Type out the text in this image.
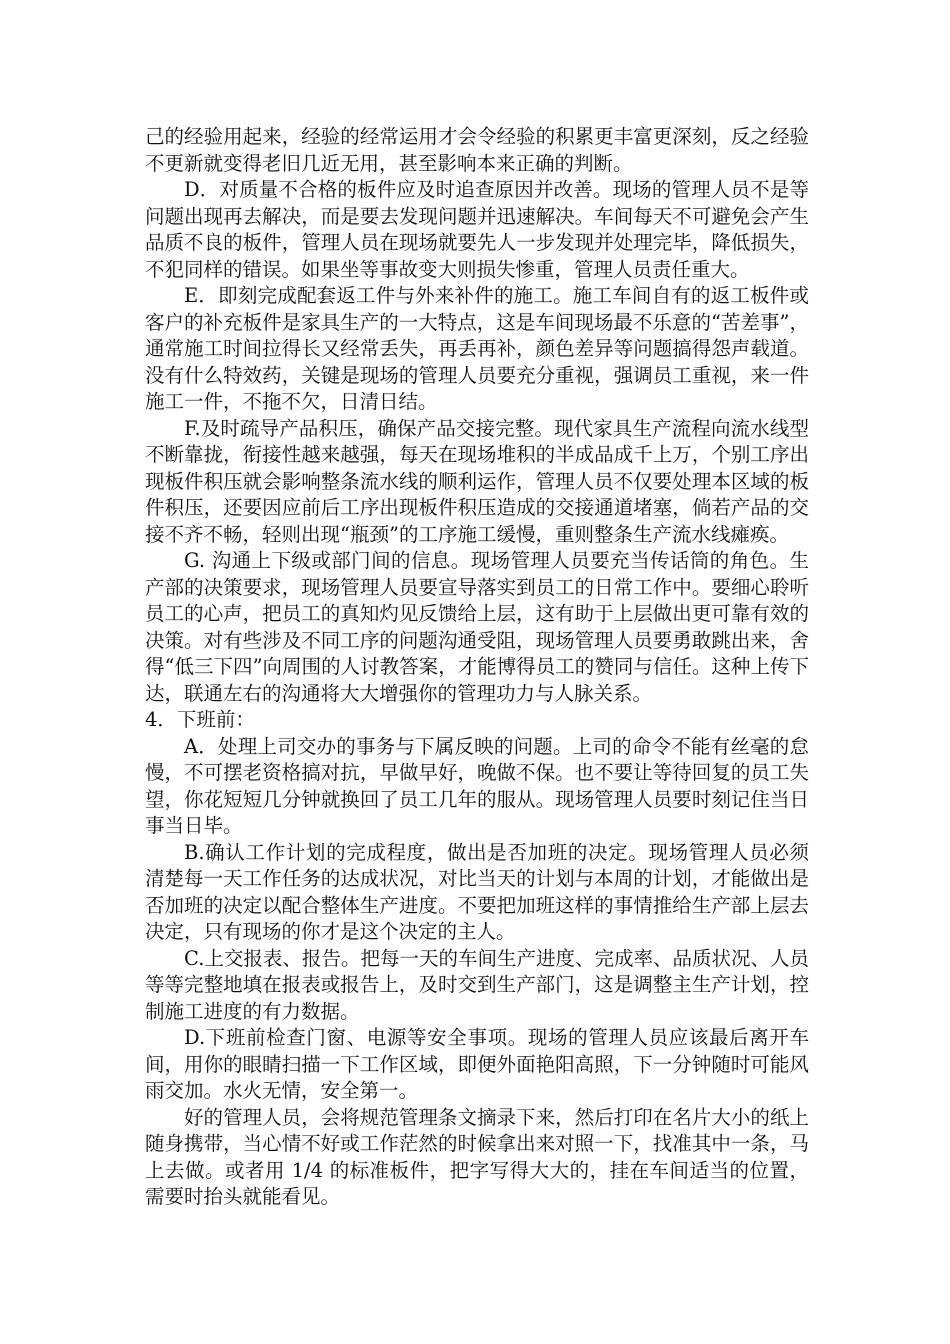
己的经验用起来，经验的经常运用才会令经验的积累更丰富更深刻，反之经验不更新就变得老旧几近无用，甚至影响本来正确的判断。

D．对质量不合格的板件应及时追查原因并改善。现场的管理人员不是等问题出现再去解决，而是要去发现问题并迅速解决。车间每天不可避免会产生品质不良的板件，管理人员在现场就要先人一步发现并处理完毕，降低损失，不犯同样的错误。如果坐等事故变大则损失惨重，管理人员责任重大。

E．即刻完成配套返工件与外来补件的施工。施工车间自有的返工板件或客户的补充板件是家具生产的一大特点，这是车间现场最不乐意的“苦差事”，通常施工时间拉得长又经常丢失，再丢再补，颜色差异等问题搞得怨声载道。没有什么特效药，关键是现场的管理人员要充分重视，强调员工重视，来一件施工一件，不拖不欠，日清日结。

F.及时疏导产品积压，确保产品交接完整。现代家具生产流程向流水线型不断靠拢，衔接性越来越强，每天在现场堆积的半成品成千上万，个别工序出现板件积压就会影响整条流水线的顺利运作，管理人员不仅要处理本区域的板件积压，还要因应前后工序出现板件积压造成的交接通道堵塞，倘若产品的交接不齐不畅，轻则出现“瓶颈”的工序施工缓慢，重则整条生产流水线瘫痪。

G. 沟通上下级或部门间的信息。现场管理人员要充当传话筒的角色。生产部的决策要求，现场管理人员要宣导落实到员工的日常工作中。要细心聆听员工的心声，把员工的真知灼见反馈给上层，这有助于上层做出更可靠有效的决策。对有些涉及不同工序的问题沟通受阻，现场管理人员要勇敢跳出来，舍得“低三下四”向周围的人讨教答案，才能博得员工的赞同与信任。这种上传下达，联通左右的沟通将大大增强你的管理功力与人脉关系。

4．下班前：

A．处理上司交办的事务与下属反映的问题。上司的命令不能有丝毫的怠慢，不可摆老资格搞对抗，早做早好，晚做不保。也不要让等待回复的员工失望，你花短短几分钟就换回了员工几年的服从。现场管理人员要时刻记住当日事当日毕。

B.确认工作计划的完成程度，做出是否加班的决定。现场管理人员必须清楚每一天工作任务的达成状况，对比当天的计划与本周的计划，才能做出是否加班的决定以配合整体生产进度。不要把加班这样的事情推给生产部上层去决定，只有现场的你才是这个决定的主人。

C.上交报表、报告。把每一天的车间生产进度、完成率、品质状况、人员等等完整地填在报表或报告上，及时交到生产部门，这是调整主生产计划，控制施工进度的有力数据。

D.下班前检查门窗、电源等安全事项。现场的管理人员应该最后离开车间，用你的眼睛扫描一下工作区域，即便外面艳阳高照，下一分钟随时可能风雨交加。水火无情，安全第一。

好的管理人员，会将规范管理条文摘录下来，然后打印在名片大小的纸上随身携带，当心情不好或工作茫然的时候拿出来对照一下，找准其中一条，马上去做。或者用 1/4 的标准板件，把字写得大大的，挂在车间适当的位置，需要时抬头就能看见。
